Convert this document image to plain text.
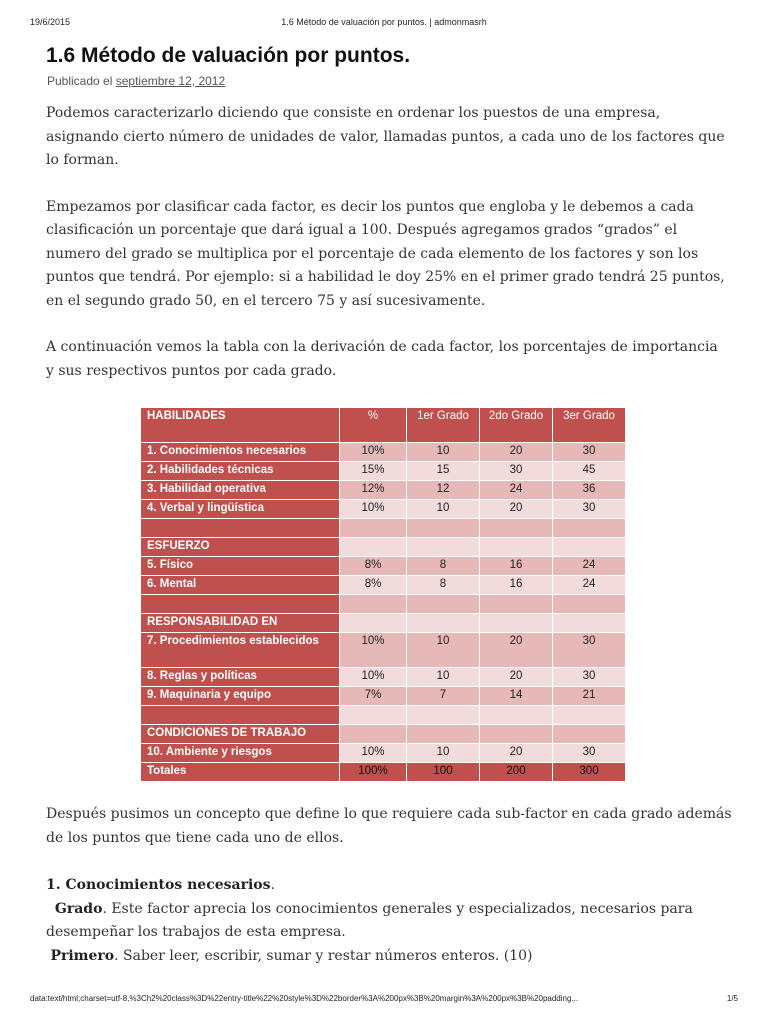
19/6/2015	1.6 Método de valuación por puntos. | admonmasrh
1.6 Método de valuación por puntos.
Publicado el septiembre 12, 2012

Podemos caracterizarlo diciendo que consiste en ordenar los puestos de una empresa, asignando cierto número de unidades de valor, llamadas puntos, a cada uno de los factores que lo forman.

Empezamos por clasificar cada factor, es decir los puntos que engloba y le debemos a cada clasificación un porcentaje que dará igual a 100. Después agregamos grados “grados” el numero del grado se multiplica por el porcentaje de cada elemento de los factores y son los puntos que tendrá. Por ejemplo: si a habilidad le doy 25% en el primer grado tendrá 25 puntos, en el segundo grado 50, en el tercero 75 y así sucesivamente.

A continuación vemos la tabla con la derivación de cada factor, los porcentajes de importancia y sus respectivos puntos por cada grado.

HABILIDADES	%	1er Grado	2do Grado	3er Grado
1. Conocimientos necesarios	10%	10	20	30
2. Habilidades técnicas	15%	15	30	45
3. Habilidad operativa	12%	12	24	36
4. Verbal y lingüística	10%	10	20	30

ESFUERZO				
5. Físico	8%	8	16	24
6. Mental	8%	8	16	24

RESPONSABILIDAD EN				
7. Procedimientos establecidos	10%	10	20	30
8. Reglas y políticas	10%	10	20	30
9. Maquinaria y equipo	7%	7	14	21

CONDICIONES DE TRABAJO				
10. Ambiente y riesgos	10%	10	20	30
Totales	100%	100	200	300

Después pusimos un concepto que define lo que requiere cada sub-factor en cada grado además de los puntos que tiene cada uno de ellos.

1. Conocimientos necesarios.

Grado. Este factor aprecia los conocimientos generales y especializados, necesarios para desempeñar los trabajos de esta empresa.

Primero. Saber leer, escribir, sumar y restar números enteros. (10)

data:text/html;charset=utf-8,%3Ch2%20class%3D%22entry-title%22%20style%3D%22border%3A%200px%3B%20margin%3A%200px%3B%20padding...	1/5
